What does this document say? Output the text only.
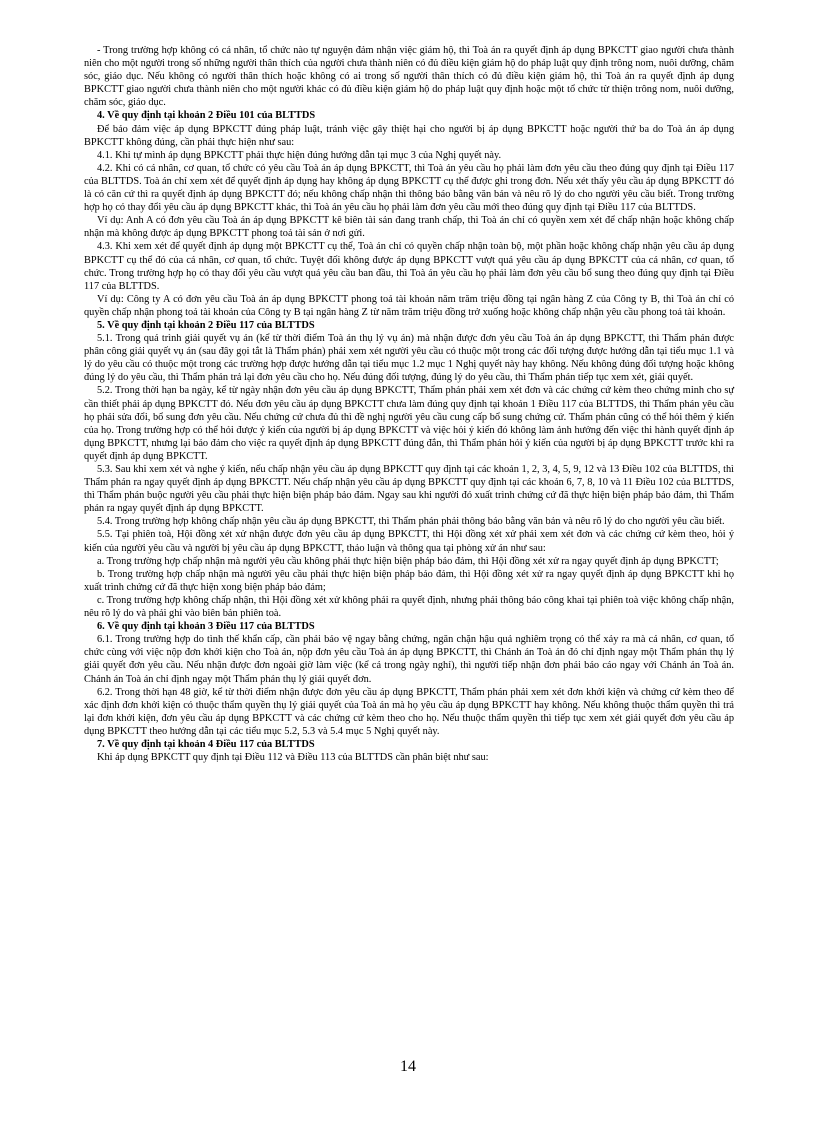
- Trong trường hợp không có cá nhân, tổ chức nào tự nguyện đảm nhận việc giám hộ, thì Toà án ra quyết định áp dụng BPKCTT giao người chưa thành niên cho một người trong số những người thân thích của người chưa thành niên có đủ điều kiện giám hộ do pháp luật quy định trông nom, nuôi dưỡng, chăm sóc, giáo dục. Nếu không có người thân thích hoặc không có ai trong số người thân thích có đủ điều kiện giám hộ, thì Toà án ra quyết định áp dụng BPKCTT giao người chưa thành niên cho một người khác có đủ điều kiện giám hộ do pháp luật quy định hoặc một tổ chức từ thiện trông nom, nuôi dưỡng, chăm sóc, giáo dục.

4. Về quy định tại khoản 2 Điều 101 của BLTTDS

Để bảo đảm việc áp dụng BPKCTT đúng pháp luật, tránh việc gây thiệt hại cho người bị áp dụng BPKCTT hoặc người thứ ba do Toà án áp dụng BPKCTT không đúng, cần phải thực hiện như sau:

4.1. Khi tự mình áp dụng BPKCTT phải thực hiện đúng hướng dẫn tại mục 3 của Nghị quyết này.

4.2. Khi có cá nhân, cơ quan, tổ chức có yêu cầu Toà án áp dụng BPKCTT, thì Toà án yêu cầu họ phải làm đơn yêu cầu theo đúng quy định tại Điều 117 của BLTTDS. Toà án chỉ xem xét để quyết định áp dụng hay không áp dụng BPKCTT cụ thể được ghi trong đơn. Nếu xét thấy yêu cầu áp dụng BPKCTT đó là có căn cứ thì ra quyết định áp dụng BPKCTT đó; nếu không chấp nhận thì thông báo bằng văn bản và nêu rõ lý do cho người yêu cầu biết. Trong trường hợp họ có thay đổi yêu cầu áp dụng BPKCTT khác, thì Toà án yêu cầu họ phải làm đơn yêu cầu mới theo đúng quy định tại Điều 117 của BLTTDS.

Ví dụ: Anh A có đơn yêu cầu Toà án áp dụng BPKCTT kê biên tài sản đang tranh chấp, thì Toà án chỉ có quyền xem xét để chấp nhận hoặc không chấp nhận mà không được áp dụng BPKCTT phong toả tài sản ở nơi gửi.

4.3. Khi xem xét để quyết định áp dụng một BPKCTT cụ thể, Toà án chỉ có quyền chấp nhận toàn bộ, một phần hoặc không chấp nhận yêu cầu áp dụng BPKCTT cụ thể đó của cá nhân, cơ quan, tổ chức. Tuyệt đối không được áp dụng BPKCTT vượt quá yêu cầu áp dụng BPKCTT của cá nhân, cơ quan, tổ chức. Trong trường hợp họ có thay đổi yêu cầu vượt quá yêu cầu ban đầu, thì Toà án yêu cầu họ phải làm đơn yêu cầu bổ sung theo đúng quy định tại Điều 117 của BLTTDS.

Ví dụ: Công ty A có đơn yêu cầu Toà án áp dụng BPKCTT phong toả tài khoản năm trăm triệu đồng tại ngân hàng Z của Công ty B, thì Toà án chỉ có quyền chấp nhận phong toả tài khoản của Công ty B tại ngân hàng Z từ năm trăm triệu đồng trở xuống hoặc không chấp nhận yêu cầu phong toả tài khoản.

5. Về quy định tại khoản 2 Điều 117 của BLTTDS

5.1. Trong quá trình giải quyết vụ án (kể từ thời điểm Toà án thụ lý vụ án) mà nhận được đơn yêu cầu Toà án áp dụng BPKCTT, thì Thẩm phán được phân công giải quyết vụ án (sau đây gọi tắt là Thẩm phán) phải xem xét người yêu cầu có thuộc một trong các đối tượng được hướng dẫn tại tiểu mục 1.1 và lý do yêu cầu có thuộc một trong các trường hợp được hướng dẫn tại tiểu mục 1.2 mục 1 Nghị quyết này hay không. Nếu không đúng đối tượng hoặc không đúng lý do yêu cầu, thì Thẩm phán trả lại đơn yêu cầu cho họ. Nếu đúng đối tượng, đúng lý do yêu cầu, thì Thẩm phán tiếp tục xem xét, giải quyết.

5.2. Trong thời hạn ba ngày, kể từ ngày nhận đơn yêu cầu áp dụng BPKCTT, Thẩm phán phải xem xét đơn và các chứng cứ kèm theo chứng minh cho sự cần thiết phải áp dụng BPKCTT đó. Nếu đơn yêu cầu áp dụng BPKCTT chưa làm đúng quy định tại khoản 1 Điều 117 của BLTTDS, thì Thẩm phán yêu cầu họ phải sửa đổi, bổ sung đơn yêu cầu. Nếu chứng cứ chưa đủ thì đề nghị người yêu cầu cung cấp bổ sung chứng cứ. Thẩm phán cũng có thể hỏi thêm ý kiến của họ. Trong trường hợp có thể hỏi được ý kiến của người bị áp dụng BPKCTT và việc hỏi ý kiến đó không làm ảnh hưởng đến việc thi hành quyết định áp dụng BPKCTT, nhưng lại bảo đảm cho việc ra quyết định áp dụng BPKCTT đúng đắn, thì Thẩm phán hỏi ý kiến của người bị áp dụng BPKCTT trước khi ra quyết định áp dụng BPKCTT.

5.3. Sau khi xem xét và nghe ý kiến, nếu chấp nhận yêu cầu áp dụng BPKCTT quy định tại các khoản 1, 2, 3, 4, 5, 9, 12 và 13 Điều 102 của BLTTDS, thì Thẩm phán ra ngay quyết định áp dụng BPKCTT. Nếu chấp nhận yêu cầu áp dụng BPKCTT quy định tại các khoản 6, 7, 8, 10 và 11 Điều 102 của BLTTDS, thì Thẩm phán buộc người yêu cầu phải thực hiện biện pháp bảo đảm. Ngay sau khi người đó xuất trình chứng cứ đã thực hiện biện pháp bảo đảm, thì Thẩm phán ra ngay quyết định áp dụng BPKCTT.

5.4. Trong trường hợp không chấp nhận yêu cầu áp dụng BPKCTT, thì Thẩm phán phải thông báo bằng văn bản và nêu rõ lý do cho người yêu cầu biết.

5.5. Tại phiên toà, Hội đồng xét xử nhận được đơn yêu cầu áp dụng BPKCTT, thì Hội đồng xét xử phải xem xét đơn và các chứng cứ kèm theo, hỏi ý kiến của người yêu cầu và người bị yêu cầu áp dụng BPKCTT, thảo luận và thông qua tại phòng xử án như sau:

a. Trong trường hợp chấp nhận mà người yêu cầu không phải thực hiện biện pháp bảo đảm, thì Hội đồng xét xử ra ngay quyết định áp dụng BPKCTT;

b. Trong trường hợp chấp nhận mà người yêu cầu phải thực hiện biện pháp bảo đảm, thì Hội đồng xét xử ra ngay quyết định áp dụng BPKCTT khi họ xuất trình chứng cứ đã thực hiện xong biện pháp bảo đảm;

c. Trong trường hợp không chấp nhận, thì Hội đồng xét xử không phải ra quyết định, nhưng phải thông báo công khai tại phiên toà việc không chấp nhận, nêu rõ lý do và phải ghi vào biên bản phiên toà.

6. Về quy định tại khoản 3 Điều 117 của BLTTDS

6.1. Trong trường hợp do tình thế khẩn cấp, cần phải bảo vệ ngay bằng chứng, ngăn chặn hậu quả nghiêm trọng có thể xảy ra mà cá nhân, cơ quan, tổ chức cùng với việc nộp đơn khởi kiện cho Toà án, nộp đơn yêu cầu Toà án áp dụng BPKCTT, thì Chánh án Toà án đó chỉ định ngay một Thẩm phán thụ lý giải quyết đơn yêu cầu. Nếu nhận được đơn ngoài giờ làm việc (kể cả trong ngày nghỉ), thì người tiếp nhận đơn phải báo cáo ngay với Chánh án Toà án. Chánh án Toà án chỉ định ngay một Thẩm phán thụ lý giải quyết đơn.

6.2. Trong thời hạn 48 giờ, kể từ thời điểm nhận được đơn yêu cầu áp dụng BPKCTT, Thẩm phán phải xem xét đơn khởi kiện và chứng cứ kèm theo để xác định đơn khởi kiện có thuộc thẩm quyền thụ lý giải quyết của Toà án mà họ yêu cầu áp dụng BPKCTT hay không. Nếu không thuộc thẩm quyền thì trả lại đơn khởi kiện, đơn yêu cầu áp dụng BPKCTT và các chứng cứ kèm theo cho họ. Nếu thuộc thẩm quyền thì tiếp tục xem xét giải quyết đơn yêu cầu áp dụng BPKCTT theo hướng dẫn tại các tiểu mục 5.2, 5.3 và 5.4 mục 5 Nghị quyết này.

7. Về quy định tại khoản 4 Điều 117 của BLTTDS

Khi áp dụng BPKCTT quy định tại Điều 112 và Điều 113 của BLTTDS cần phân biệt như sau:

14
